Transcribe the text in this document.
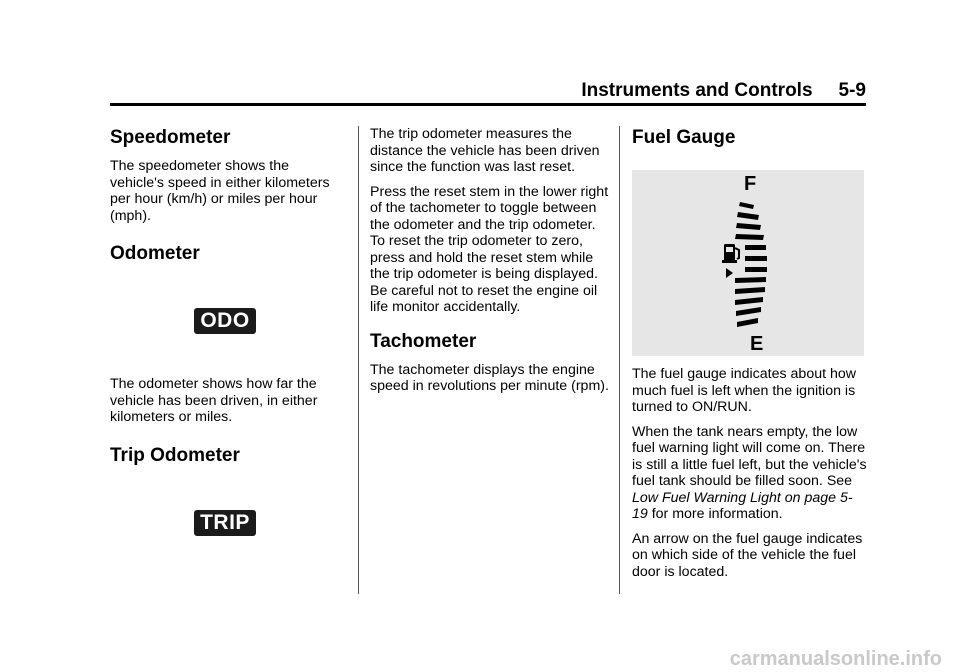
Instruments and Controls 5-9
Speedometer

The speedometer shows the vehicle's speed in either kilometers per hour (km/h) or miles per hour (mph).

Odometer
ODO

The odometer shows how far the vehicle has been driven, in either kilometers or miles.

Trip Odometer
TRIP

The trip odometer measures the distance the vehicle has been driven since the function was last reset.

Press the reset stem in the lower right of the tachometer to toggle between the odometer and the trip odometer. To reset the trip odometer to zero, press and hold the reset stem while the trip odometer is being displayed. Be careful not to reset the engine oil life monitor accidentally.

Tachometer

The tachometer displays the engine speed in revolutions per minute (rpm).

Fuel Gauge
F
E

The fuel gauge indicates about how much fuel is left when the ignition is turned to ON/RUN.

When the tank nears empty, the low fuel warning light will come on. There is still a little fuel left, but the vehicle's fuel tank should be filled soon. See Low Fuel Warning Light on page 5-19 for more information.

An arrow on the fuel gauge indicates on which side of the vehicle the fuel door is located.

carmanualsonline.info
